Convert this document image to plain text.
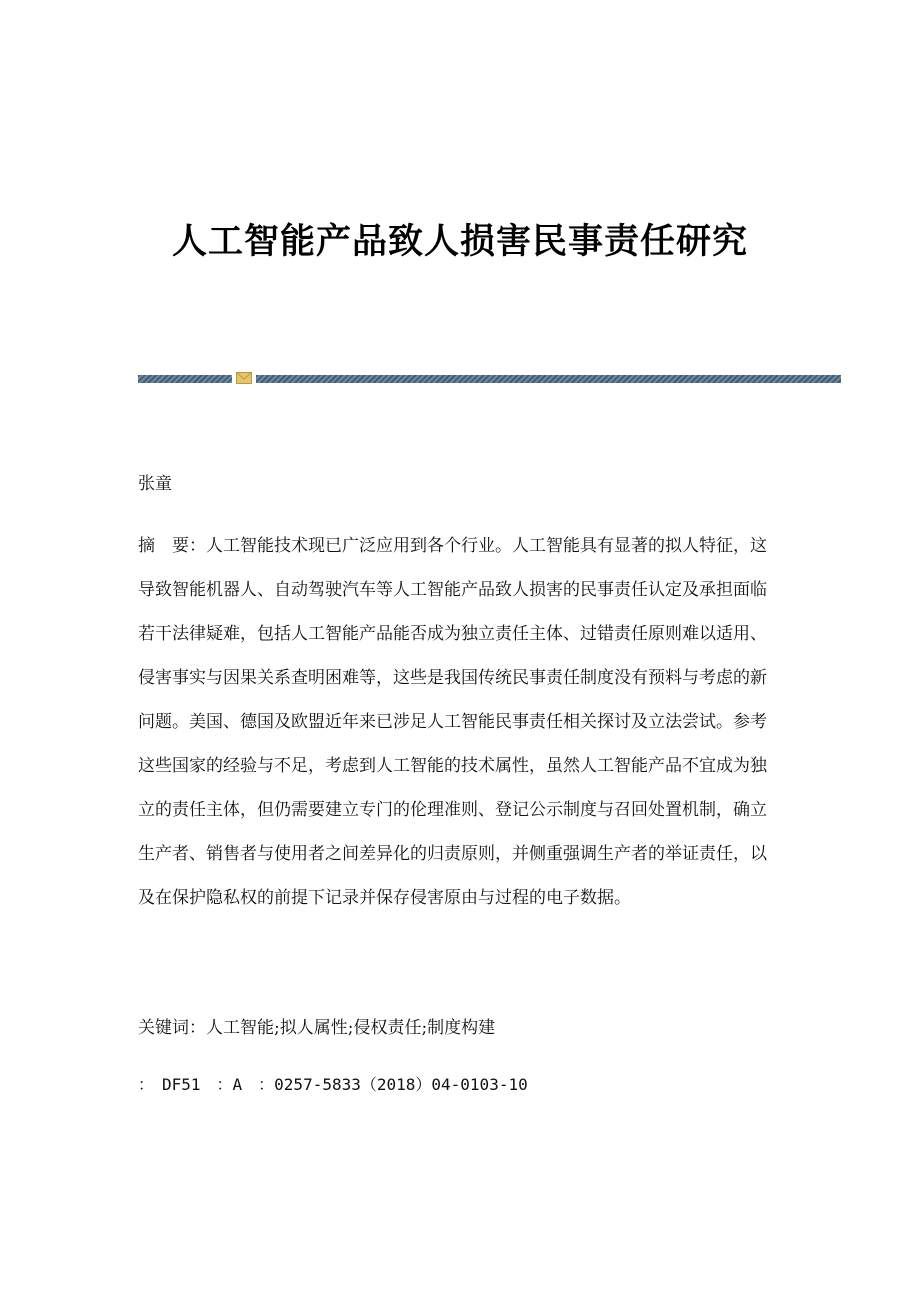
人工智能产品致人损害民事责任研究
张童

摘　要：人工智能技术现已广泛应用到各个行业。人工智能具有显著的拟人特征，这导致智能机器人、自动驾驶汽车等人工智能产品致人损害的民事责任认定及承担面临若干法律疑难，包括人工智能产品能否成为独立责任主体、过错责任原则难以适用、侵害事实与因果关系查明困难等，这些是我国传统民事责任制度没有预料与考虑的新问题。美国、德国及欧盟近年来已涉足人工智能民事责任相关探讨及立法尝试。参考这些国家的经验与不足，考虑到人工智能的技术属性，虽然人工智能产品不宜成为独立的责任主体，但仍需要建立专门的伦理准则、登记公示制度与召回处置机制，确立生产者、销售者与使用者之间差异化的归责原则，并侧重强调生产者的举证责任，以及在保护隐私权的前提下记录并保存侵害原由与过程的电子数据。

关键词：人工智能;拟人属性;侵权责任;制度构建
：　DF51　：A　：0257-5833（2018）04-0103-10
